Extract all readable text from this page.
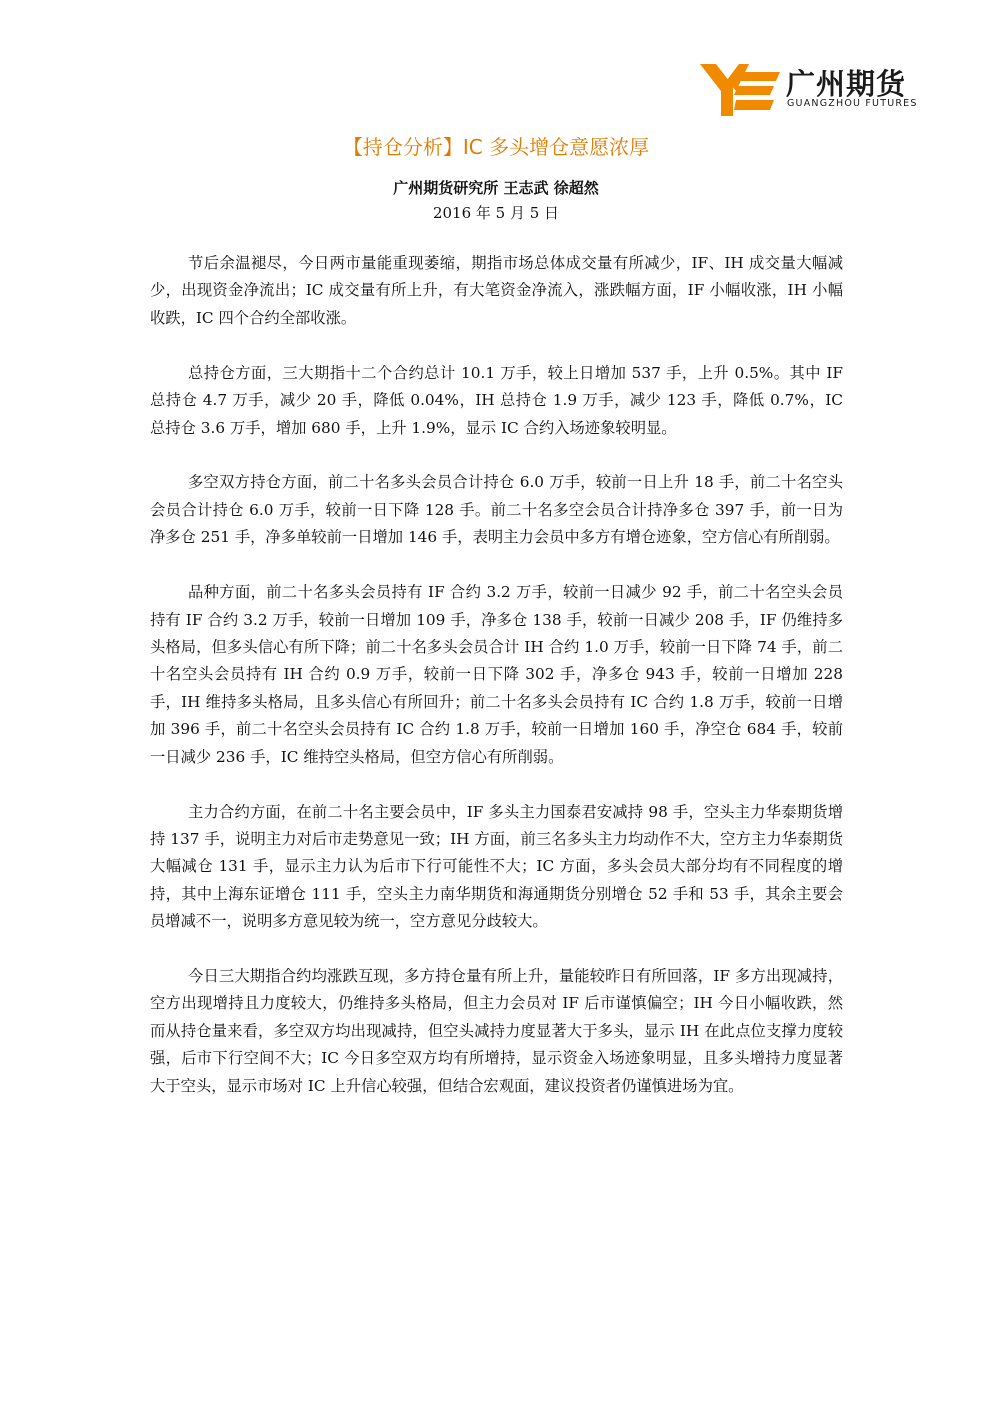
广州期货
GUANGZHOU FUTURES
【持仓分析】IC 多头增仓意愿浓厚
广州期货研究所 王志武 徐超然
2016 年 5 月 5 日

节后余温褪尽，今日两市量能重现萎缩，期指市场总体成交量有所减少，IF、IH 成交量大幅减少，出现资金净流出；IC 成交量有所上升，有大笔资金净流入，涨跌幅方面，IF 小幅收涨，IH 小幅收跌，IC 四个合约全部收涨。

总持仓方面，三大期指十二个合约总计 10.1 万手，较上日增加 537 手，上升 0.5%。其中 IF 总持仓 4.7 万手，减少 20 手，降低 0.04%，IH 总持仓 1.9 万手，减少 123 手，降低 0.7%，IC 总持仓 3.6 万手，增加 680 手，上升 1.9%，显示 IC 合约入场迹象较明显。

多空双方持仓方面，前二十名多头会员合计持仓 6.0 万手，较前一日上升 18 手，前二十名空头会员合计持仓 6.0 万手，较前一日下降 128 手。前二十名多空会员合计持净多仓 397 手，前一日为净多仓 251 手，净多单较前一日增加 146 手，表明主力会员中多方有增仓迹象，空方信心有所削弱。

品种方面，前二十名多头会员持有 IF 合约 3.2 万手，较前一日减少 92 手，前二十名空头会员持有 IF 合约 3.2 万手，较前一日增加 109 手，净多仓 138 手，较前一日减少 208 手，IF 仍维持多头格局，但多头信心有所下降；前二十名多头会员合计 IH 合约 1.0 万手，较前一日下降 74 手，前二十名空头会员持有 IH 合约 0.9 万手，较前一日下降 302 手，净多仓 943 手，较前一日增加 228 手，IH 维持多头格局，且多头信心有所回升；前二十名多头会员持有 IC 合约 1.8 万手，较前一日增加 396 手，前二十名空头会员持有 IC 合约 1.8 万手，较前一日增加 160 手，净空仓 684 手，较前一日减少 236 手，IC 维持空头格局，但空方信心有所削弱。

主力合约方面，在前二十名主要会员中，IF 多头主力国泰君安减持 98 手，空头主力华泰期货增持 137 手，说明主力对后市走势意见一致；IH 方面，前三名多头主力均动作不大，空方主力华泰期货大幅减仓 131 手，显示主力认为后市下行可能性不大；IC 方面，多头会员大部分均有不同程度的增持，其中上海东证增仓 111 手，空头主力南华期货和海通期货分别增仓 52 手和 53 手，其余主要会员增减不一，说明多方意见较为统一，空方意见分歧较大。

今日三大期指合约均涨跌互现，多方持仓量有所上升，量能较昨日有所回落，IF 多方出现减持，空方出现增持且力度较大，仍维持多头格局，但主力会员对 IF 后市谨慎偏空；IH 今日小幅收跌，然而从持仓量来看，多空双方均出现减持，但空头减持力度显著大于多头，显示 IH 在此点位支撑力度较强，后市下行空间不大；IC 今日多空双方均有所增持，显示资金入场迹象明显，且多头增持力度显著大于空头，显示市场对 IC 上升信心较强，但结合宏观面，建议投资者仍谨慎进场为宜。
